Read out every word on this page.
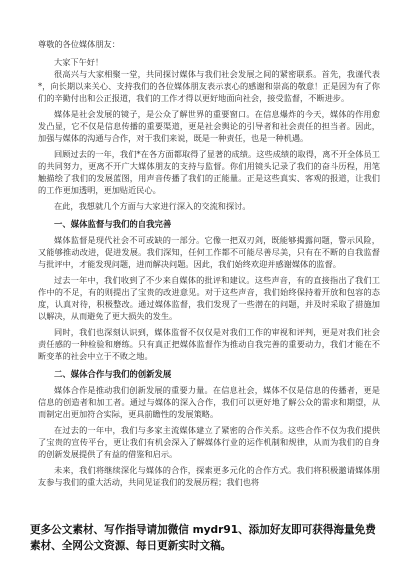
尊敬的各位媒体朋友：

大家下午好！

很高兴与大家相聚一堂，共同探讨媒体与我们社会发展之间的紧密联系。首先，我谨代表*，向长期以来关心、支持我们的各位媒体朋友表示衷心的感谢和崇高的敬意！正是因为有了你们的辛勤付出和公正报道，我们的工作才得以更好地面向社会，接受监督，不断进步。

媒体是社会发展的镜子，是公众了解世界的重要窗口。在信息爆炸的今天，媒体的作用愈发凸显，它不仅是信息传播的重要渠道，更是社会舆论的引导者和社会责任的担当者。因此，加强与媒体的沟通与合作，对于我们来说，既是一种责任，也是一种机遇。

回顾过去的一年，我们*在各方面都取得了显著的成绩。这些成绩的取得，离不开全体员工的共同努力，更离不开广大媒体朋友的支持与监督。你们用镜头记录了我们的奋斗历程，用笔触描绘了我们的发展蓝图，用声音传播了我们的正能量。正是这些真实、客观的报道，让我们的工作更加透明，更加贴近民心。

在此，我想就几个方面与大家进行深入的交流和探讨。

一、媒体监督与我们的自我完善

媒体监督是现代社会不可或缺的一部分。它像一把双刃剑，既能够揭露问题，警示风险，又能够推动改进，促进发展。我们深知，任何工作都不可能尽善尽美，只有在不断的自我监督与批评中，才能发现问题，进而解决问题。因此，我们始终欢迎并感谢媒体的监督。

过去一年中，我们收到了不少来自媒体的批评和建议。这些声音，有的直接指出了我们工作中的不足，有的则提出了宝贵的改进意见。对于这些声音，我们始终保持着开放和包容的态度，认真对待，积极整改。通过媒体监督，我们发现了一些潜在的问题，并及时采取了措施加以解决，从而避免了更大损失的发生。

同时，我们也深刻认识到，媒体监督不仅仅是对我们工作的审视和评判，更是对我们社会责任感的一种检验和磨练。只有真正把媒体监督作为推动自我完善的重要动力，我们才能在不断变革的社会中立于不败之地。

二、媒体合作与我们的创新发展

媒体合作是推动我们创新发展的重要力量。在信息社会，媒体不仅是信息的传播者，更是信息的创造者和加工者。通过与媒体的深入合作，我们可以更好地了解公众的需求和期望，从而制定出更加符合实际，更具前瞻性的发展策略。

在过去的一年中，我们与多家主流媒体建立了紧密的合作关系。这些合作不仅为我们提供了宝贵的宣传平台，更让我们有机会深入了解媒体行业的运作机制和规律，从而为我们的自身的创新发展提供了有益的借鉴和启示。

未来，我们将继续深化与媒体的合作，探索更多元化的合作方式。我们将积极邀请媒体朋友参与我们的重大活动，共同见证我们的发展历程；我们也将

更多公文素材、写作指导请加微信 mydr91、添加好友即可获得海量免费素材、全网公文资源、每日更新实时文稿。
